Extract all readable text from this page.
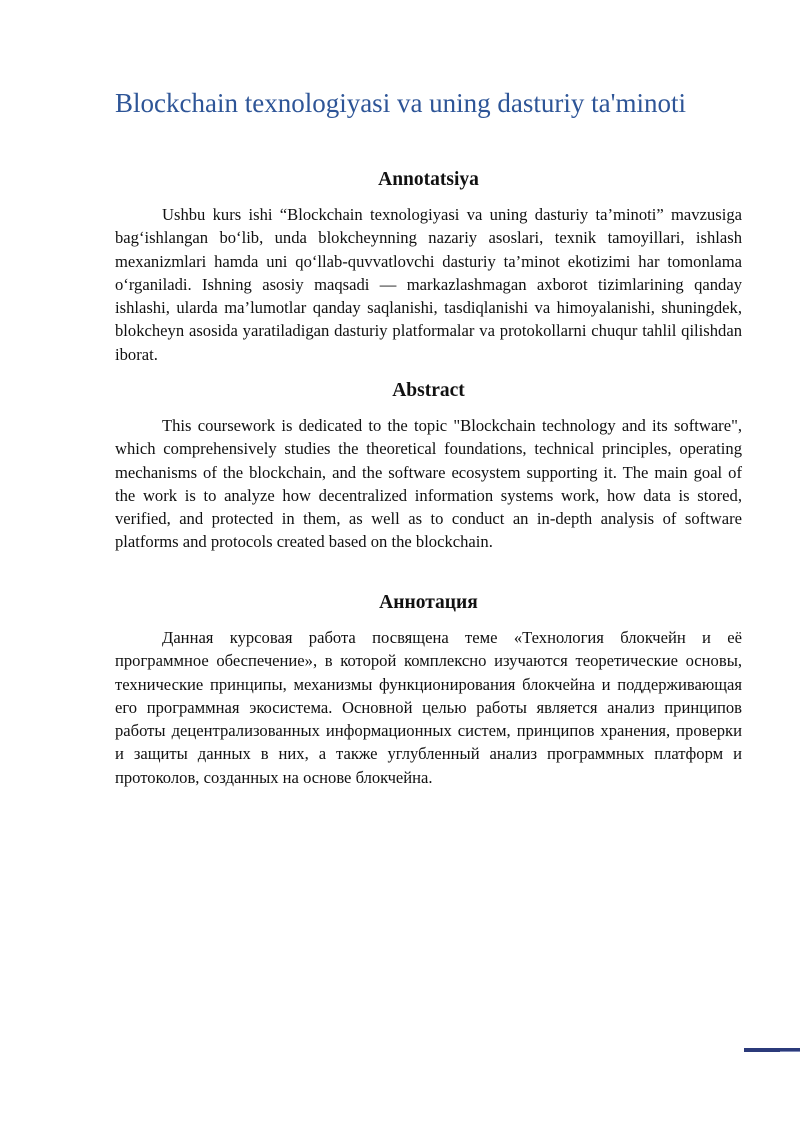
Blockchain texnologiyasi va uning dasturiy ta'minoti
Annotatsiya

Ushbu kurs ishi “Blockchain texnologiyasi va uning dasturiy ta’minoti” mavzusiga bag‘ishlangan bo‘lib, unda blokcheynning nazariy asoslari, texnik tamoyillari, ishlash mexanizmlari hamda uni qo‘llab-quvvatlovchi dasturiy ta’minot ekotizimi har tomonlama o‘rganiladi. Ishning asosiy maqsadi — markazlashmagan axborot tizimlarining qanday ishlashi, ularda ma’lumotlar qanday saqlanishi, tasdiqlanishi va himoyalanishi, shuningdek, blokcheyn asosida yaratiladigan dasturiy platformalar va protokollarni chuqur tahlil qilishdan iborat.

Abstract

This coursework is dedicated to the topic "Blockchain technology and its software", which comprehensively studies the theoretical foundations, technical principles, operating mechanisms of the blockchain, and the software ecosystem supporting it. The main goal of the work is to analyze how decentralized information systems work, how data is stored, verified, and protected in them, as well as to conduct an in-depth analysis of software platforms and protocols created based on the blockchain.

Аннотация

Данная курсовая работа посвящена теме «Технология блокчейн и её программное обеспечение», в которой комплексно изучаются теоретические основы, технические принципы, механизмы функционирования блокчейна и поддерживающая его программная экосистема. Основной целью работы является анализ принципов работы децентрализованных информационных систем, принципов хранения, проверки и защиты данных в них, а также углубленный анализ программных платформ и протоколов, созданных на основе блокчейна.
